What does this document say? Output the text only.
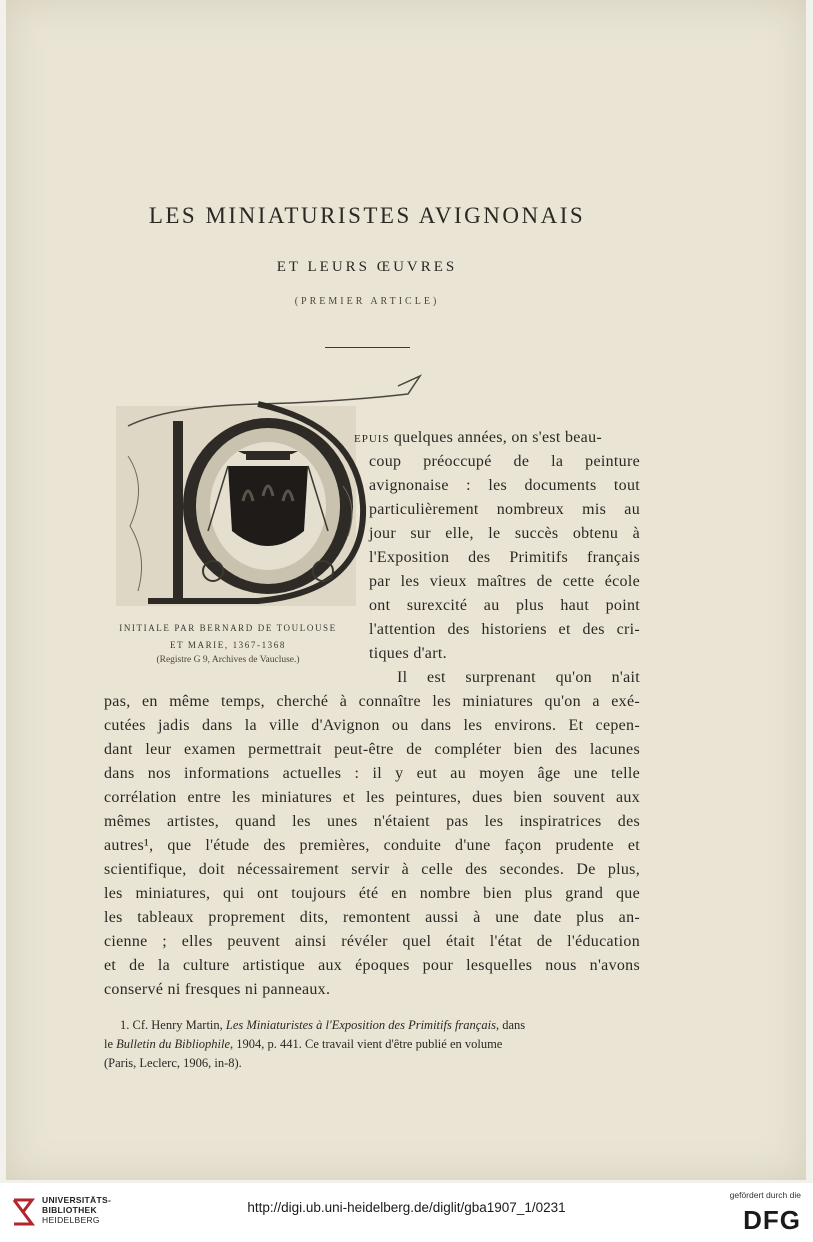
LES MINIATURISTES AVIGNONAIS
ET LEURS ŒUVRES
(PREMIER ARTICLE)
INITIALE PAR BERNARD DE TOULOUSE
ET MARIE, 1367-1368
(Registre G 9, Archives de Vaucluse.)
EPUIS quelques années, on s'est beau-
coup préoccupé de la peinture
avignonaise : les documents tout
particulièrement nombreux mis au
jour sur elle, le succès obtenu à
l'Exposition des Primitifs français
par les vieux maîtres de cette école
ont surexcité au plus haut point
l'attention des historiens et des cri-
tiques d'art.
Il est surprenant qu'on n'ait
pas, en même temps, cherché à connaître les miniatures qu'on a exé-
cutées jadis dans la ville d'Avignon ou dans les environs. Et cepen-
dant leur examen permettrait peut-être de compléter bien des lacunes
dans nos informations actuelles : il y eut au moyen âge une telle
corrélation entre les miniatures et les peintures, dues bien souvent aux
mêmes artistes, quand les unes n'étaient pas les inspiratrices des
autres¹, que l'étude des premières, conduite d'une façon prudente et
scientifique, doit nécessairement servir à celle des secondes. De plus,
les miniatures, qui ont toujours été en nombre bien plus grand que
les tableaux proprement dits, remontent aussi à une date plus an-
cienne ; elles peuvent ainsi révéler quel était l'état de l'éducation
et de la culture artistique aux époques pour lesquelles nous n'avons
conservé ni fresques ni panneaux.
1. Cf. Henry Martin, Les Miniaturistes à l'Exposition des Primitifs français, dans
le Bulletin du Bibliophile, 1904, p. 441. Ce travail vient d'être publié en volume
(Paris, Leclerc, 1906, in-8).
UNIVERSITÄTS-
BIBLIOTHEK
HEIDELBERG
http://digi.ub.uni-heidelberg.de/diglit/gba1907_1/0231
gefördert durch die
DFG
